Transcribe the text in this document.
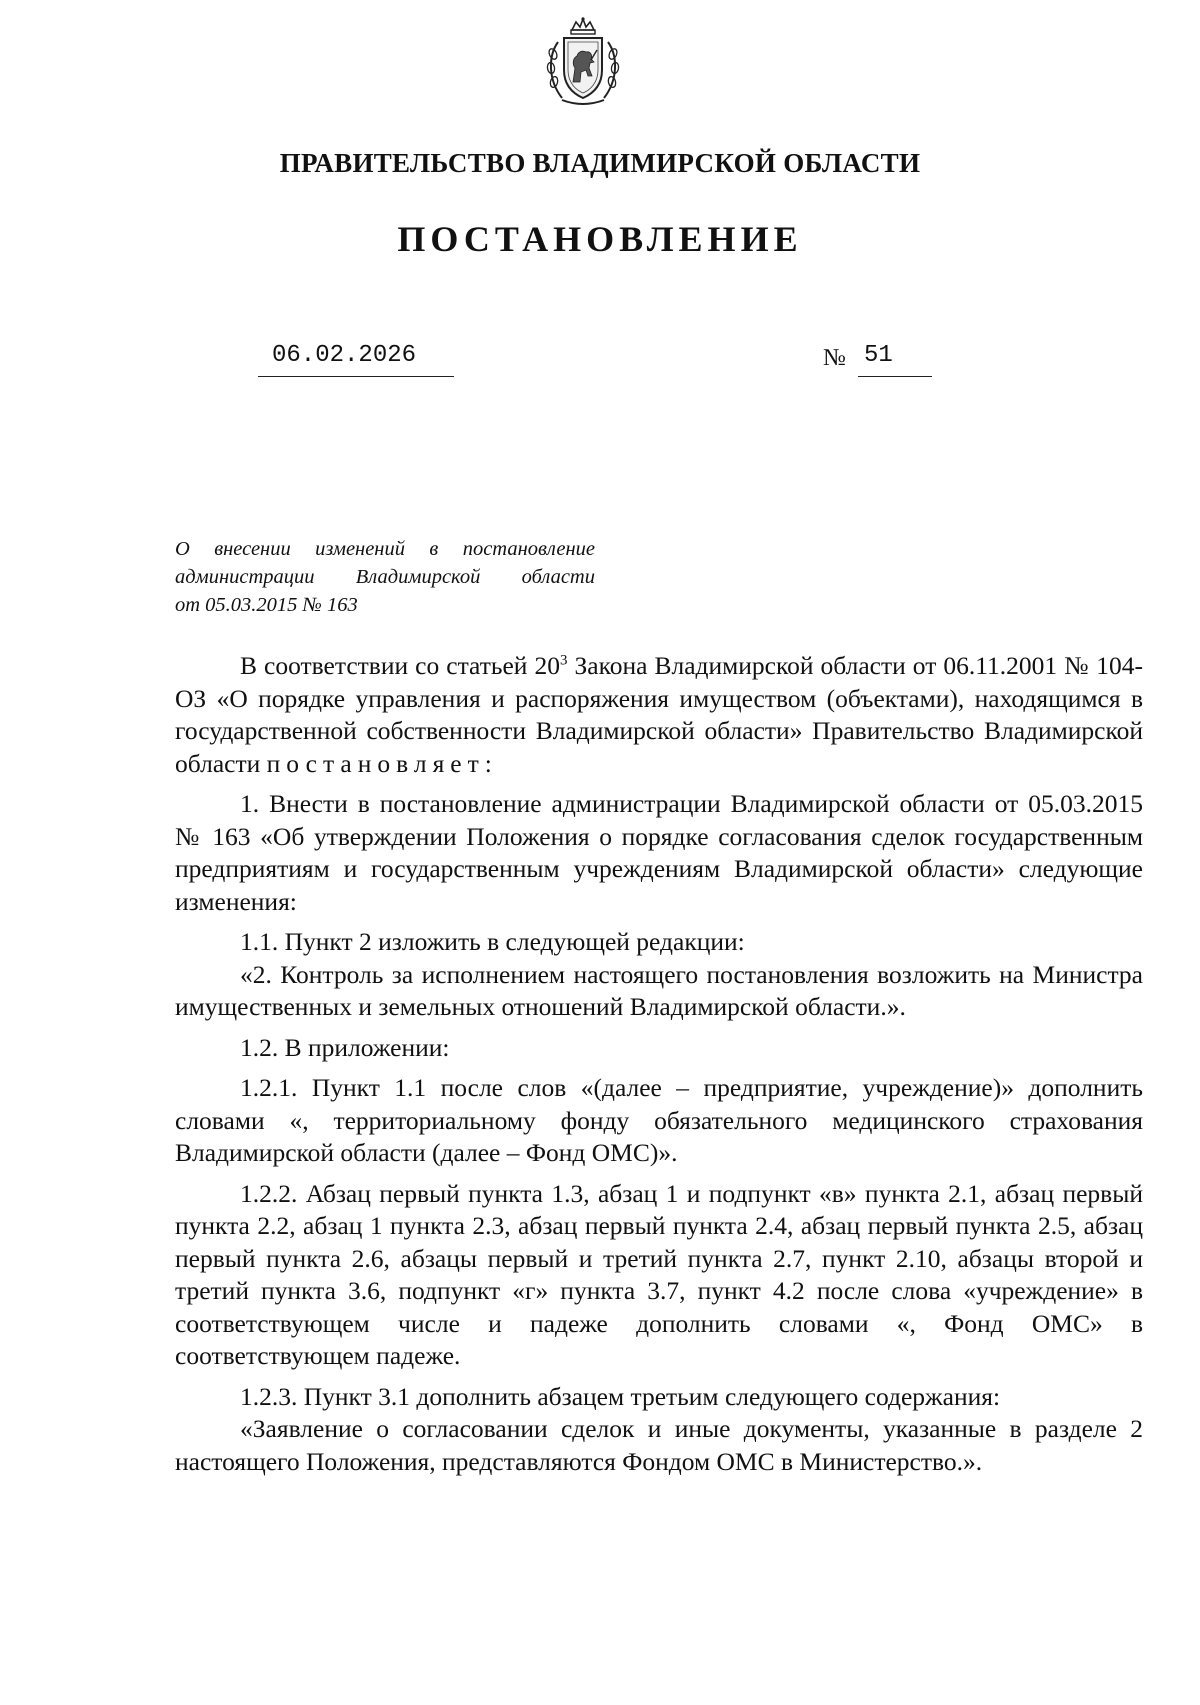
ПРАВИТЕЛЬСТВО ВЛАДИМИРСКОЙ ОБЛАСТИ
ПОСТАНОВЛЕНИЕ
06.02.2026	№ 51

О внесении изменений в постановление

администрации Владимирской области

от 05.03.2015 № 163

В соответствии со статьей $20^3$ Закона Владимирской области от 06.11.2001 № 104-ОЗ «О порядке управления и распоряжения имуществом (объектами), находящимся в государственной собственности Владимирской области» Правительство Владимирской области постановляет:

1. Внести в постановление администрации Владимирской области от 05.03.2015 № 163 «Об утверждении Положения о порядке согласования сделок государственным предприятиям и государственным учреждениям Владимирской области» следующие изменения:

1.1. Пункт 2 изложить в следующей редакции:

«2. Контроль за исполнением настоящего постановления возложить на Министра имущественных и земельных отношений Владимирской области.».

1.2. В приложении:

1.2.1. Пункт 1.1 после слов «(далее – предприятие, учреждение)» дополнить словами «, территориальному фонду обязательного медицинского страхования Владимирской области (далее – Фонд ОМС)».

1.2.2. Абзац первый пункта 1.3, абзац 1 и подпункт «в» пункта 2.1, абзац первый пункта 2.2, абзац 1 пункта 2.3, абзац первый пункта 2.4, абзац первый пункта 2.5, абзац первый пункта 2.6, абзацы первый и третий пункта 2.7, пункт 2.10, абзацы второй и третий пункта 3.6, подпункт «г» пункта 3.7, пункт 4.2 после слова «учреждение» в соответствующем числе и падеже дополнить словами «, Фонд ОМС» в соответствующем падеже.

1.2.3. Пункт 3.1 дополнить абзацем третьим следующего содержания:

«Заявление о согласовании сделок и иные документы, указанные в разделе 2 настоящего Положения, представляются Фондом ОМС в Министерство.».
